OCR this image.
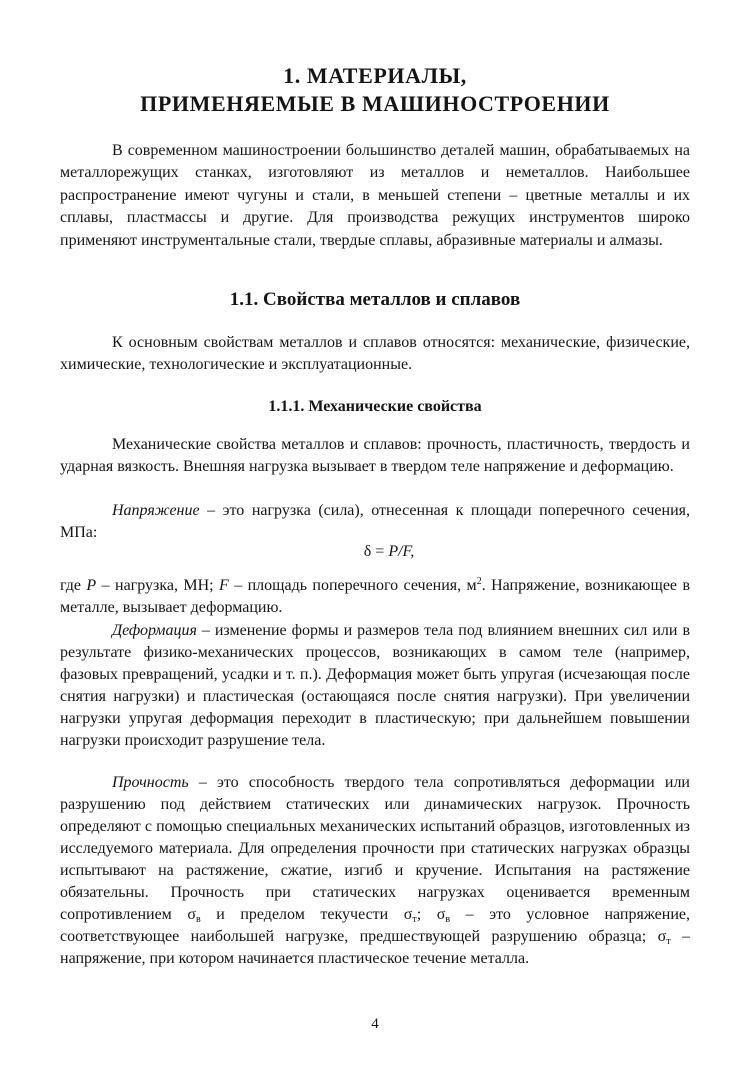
1. МАТЕРИАЛЫ,
ПРИМЕНЯЕМЫЕ В МАШИНОСТРОЕНИИ

В современном машиностроении большинство деталей машин, обрабатываемых на металлорежущих станках, изготовляют из металлов и неметаллов. Наибольшее распространение имеют чугуны и стали, в меньшей степени – цветные металлы и их сплавы, пластмассы и другие. Для производства режущих инструментов широко применяют инструментальные стали, твердые сплавы, абразивные материалы и алмазы.

1.1. Свойства металлов и сплавов

К основным свойствам металлов и сплавов относятся: механические, физические, химические, технологические и эксплуатационные.

1.1.1. Механические свойства

Механические свойства металлов и сплавов: прочность, пластичность, твердость и ударная вязкость. Внешняя нагрузка вызывает в твердом теле напряжение и деформацию.

Напряжение – это нагрузка (сила), отнесенная к площади поперечного сечения, МПа:

δ = P/F,

где P – нагрузка, МН; F – площадь поперечного сечения, $м^2$. Напряжение, возникающее в металле, вызывает деформацию.

Деформация – изменение формы и размеров тела под влиянием внешних сил или в результате физико-механических процессов, возникающих в самом теле (например, фазовых превращений, усадки и т. п.). Деформация может быть упругая (исчезающая после снятия нагрузки) и пластическая (остающаяся после снятия нагрузки). При увеличении нагрузки упругая деформация переходит в пластическую; при дальнейшем повышении нагрузки происходит разрушение тела.

Прочность – это способность твердого тела сопротивляться деформации или разрушению под действием статических или динамических нагрузок. Прочность определяют с помощью специальных механических испытаний образцов, изготовленных из исследуемого материала. Для определения прочности при статических нагрузках образцы испытывают на растяжение, сжатие, изгиб и кручение. Испытания на растяжение обязательны. Прочность при статических нагрузках оценивается временным сопротивлением $\sigma_в$ и пределом текучести $\sigma_т$; $\sigma_в$ – это условное напряжение, соответствующее наибольшей нагрузке, предшествующей разрушению образца; $\sigma_т$ – напряжение, при котором начинается пластическое течение металла.

4
